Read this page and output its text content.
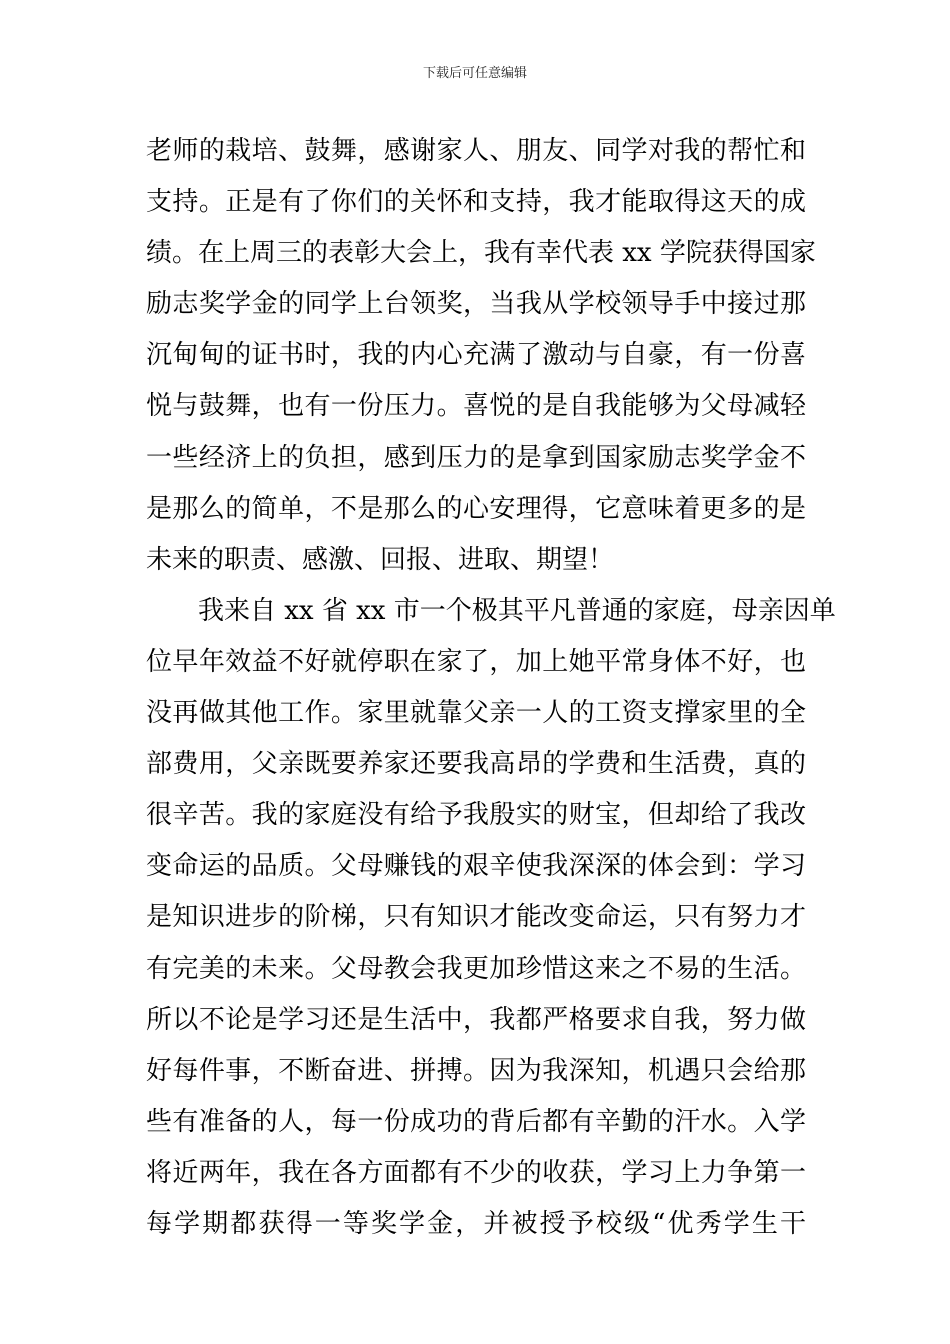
下载后可任意编辑
老师的栽培、鼓舞，感谢家人、朋友、同学对我的帮忙和
支持。正是有了你们的关怀和支持，我才能取得这天的成
绩。在上周三的表彰大会上，我有幸代表 xx 学院获得国家
励志奖学金的同学上台领奖，当我从学校领导手中接过那
沉甸甸的证书时，我的内心充满了激动与自豪，有一份喜
悦与鼓舞，也有一份压力。喜悦的是自我能够为父母减轻
一些经济上的负担，感到压力的是拿到国家励志奖学金不
是那么的简单，不是那么的心安理得，它意味着更多的是
未来的职责、感激、回报、进取、期望！
我来自 xx 省 xx 市一个极其平凡普通的家庭，母亲因单
位早年效益不好就停职在家了，加上她平常身体不好，也
没再做其他工作。家里就靠父亲一人的工资支撑家里的全
部费用，父亲既要养家还要我高昂的学费和生活费，真的
很辛苦。我的家庭没有给予我殷实的财宝，但却给了我改
变命运的品质。父母赚钱的艰辛使我深深的体会到：学习
是知识进步的阶梯，只有知识才能改变命运，只有努力才
有完美的未来。父母教会我更加珍惜这来之不易的生活。
所以不论是学习还是生活中，我都严格要求自我，努力做
好每件事，不断奋进、拼搏。因为我深知，机遇只会给那
些有准备的人，每一份成功的背后都有辛勤的汗水。入学
将近两年，我在各方面都有不少的收获，学习上力争第一
每学期都获得一等奖学金，并被授予校级“优秀学生干
